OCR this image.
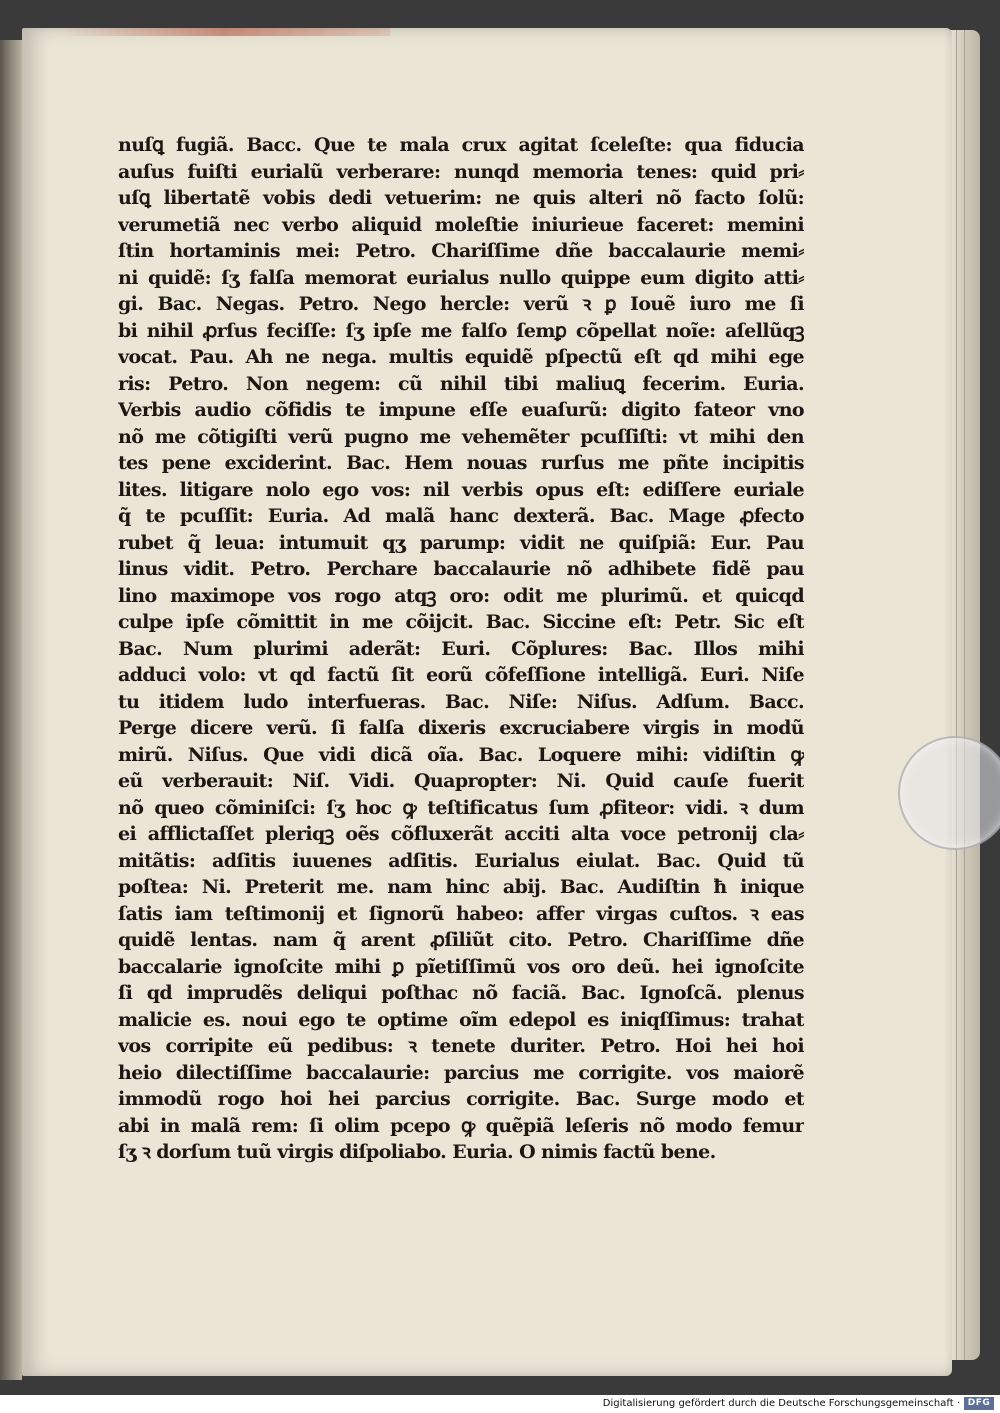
nuſꝗ fugiã. Bacc. Que te mala crux agitat ſceleſte: qua fiducia
auſus fuiſti eurialũ verberare: nunqd memoria tenes: quid pri⸗
uſꝗ libertatẽ vobis dedi vetuerim: ne quis alteri nõ facto ſolũ:
verumetiã nec verbo aliquid moleſtie iniurieue faceret: memini
ſtin hortaminis mei: Petro. Chariſſime dñe baccalaurie memi⸗
ni quidẽ: ſʒ falſa memorat eurialus nullo quippe eum digito atti⸗
gi. Bac. Negas. Petro. Nego hercle: verũ ꝛ ꝑ Iouẽ iuro me ſi
bi nihil ꝓrſus feciſſe: ſʒ ipſe me falſo ſemꝑ cõpellat noĩe: aſellũqꝫ
vocat. Pau. Ah ne nega. multis equidẽ pſpectũ eſt qd mihi ege
ris: Petro. Non negem: cũ nihil tibi maliuꝗ fecerim. Euria.
Verbis audio cõfidis te impune eſſe euaſurũ: digito fateor vno
nõ me cõtigiſti verũ pugno me vehemẽter pcuſſiſti: vt mihi den
tes pene exciderint. Bac. Hem nouas rurſus me pñte incipitis
lites. litigare nolo ego vos: nil verbis opus eſt: ediſſere euriale
q̃ te pcuſſit: Euria. Ad malã hanc dexterã. Bac. Mage ꝓfecto
rubet q̃ leua: intumuit qʒ parump: vidit ne quiſpiã: Eur. Pau
linus vidit. Petro. Perchare baccalaurie nõ adhibete fidẽ pau
lino maximope vos rogo atqꝫ oro: odit me plurimũ. et quicqd
culpe ipſe cõmittit in me cõijcit. Bac. Siccine eſt: Petr. Sic eſt
Bac. Num plurimi aderãt: Euri. Cõplures: Bac. Illos mihi
adduci volo: vt qd factũ ſit eorũ cõfeſſione intelligã. Euri. Niſe
tu itidem ludo interfueras. Bac. Niſe: Niſus. Adſum. Bacc.
Perge dicere verũ. ſi falſa dixeris excruciabere virgis in modũ
mirũ. Niſus. Que vidi dicã oĩa. Bac. Loquere mihi: vidiſtin ꝙ
eũ verberauit: Niſ. Vidi. Quapropter: Ni. Quid cauſe fuerit
nõ queo cõminiſci: ſʒ hoc ꝙ teſtificatus ſum ꝓfiteor: vidi. ꝛ dum
ei afflictaſſet pleriqꝫ oẽs cõfluxerãt acciti alta voce petronij cla⸗
mitãtis: adſitis iuuenes adſitis. Eurialus eiulat. Bac. Quid tũ
poſtea: Ni. Preterit me. nam hinc abij. Bac. Audiſtin ħ inique
ſatis iam teſtimonij et ſignorũ habeo: affer virgas cuſtos. ꝛ eas
quidẽ lentas. nam q̃ arent ꝓſiliũt cito. Petro. Chariſſime dñe
baccalarie ignoſcite mihi ꝑ pĩetiſſimũ vos oro deũ. hei ignoſcite
ſi qd imprudẽs deliqui poſthac nõ faciã. Bac. Ignoſcã. plenus
malicie es. noui ego te optime oĩm edepol es iniqſſimus: trahat
vos corripite eũ pedibus: ꝛ tenete duriter. Petro. Hoi hei hoi
heio dilectiſſime baccalaurie: parcius me corrigite. vos maiorẽ
immodũ rogo hoi hei parcius corrigite. Bac. Surge modo et
abi in malã rem: ſi olim pcepo ꝙ quẽpiã leſeris nõ modo femur
ſʒ ꝛ dorſum tuũ virgis diſpoliabo. Euria. O nimis factũ bene.
Digitalisierung gefördert durch die Deutsche Forschungsgemeinschaft · DFG
